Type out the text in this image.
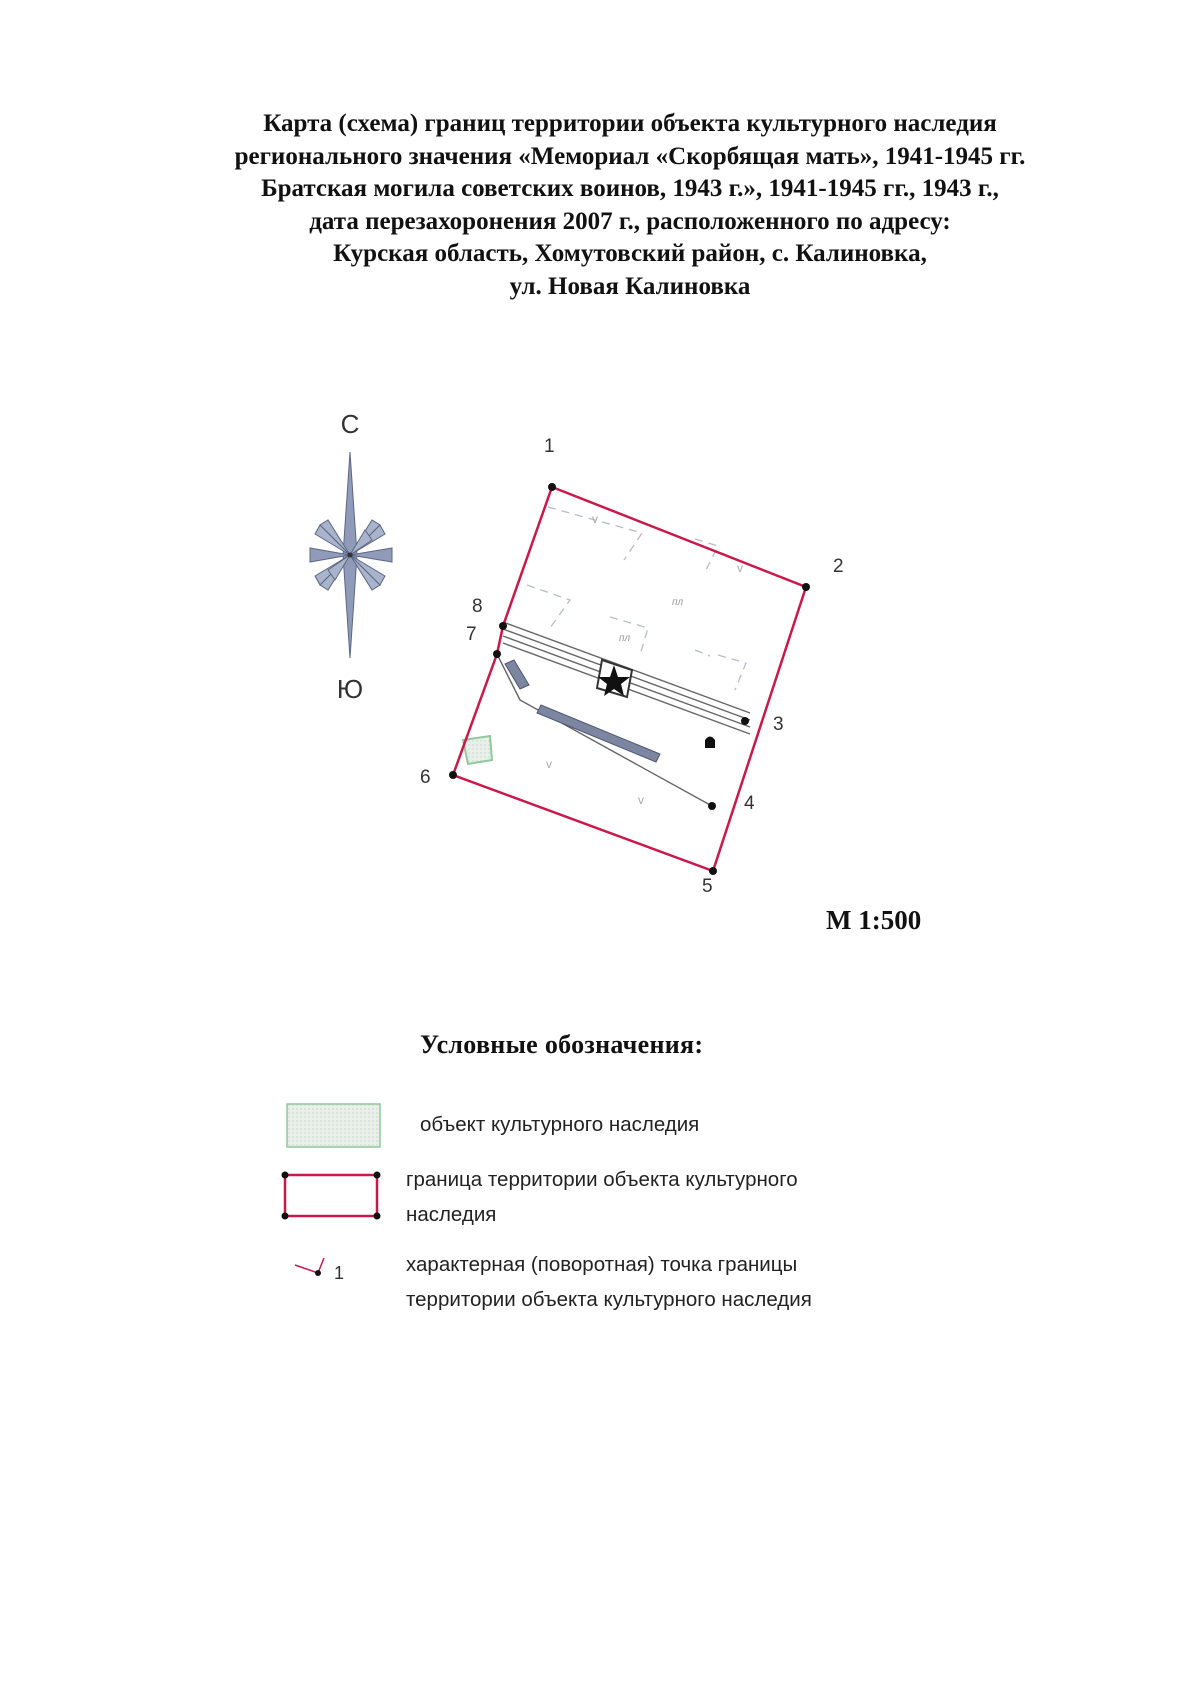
Карта (схема) границ территории объекта культурного наследия
регионального значения «Мемориал «Скорбящая мать», 1941-1945 гг.
Братская могила советских воинов, 1943 г.», 1941-1945 гг., 1943 г.,
дата перезахоронения 2007 г., расположенного по адресу:
Курская область, Хомутовский район, с. Калиновка,
ул. Новая Калиновка
С
Ю
пл
пл
v
v
v
v
1
2
3
4
5
6
7
8
1
М 1:500
Условные обозначения:
объект культурного наследия
граница территории объекта культурного
наследия
характерная (поворотная) точка границы
территории объекта культурного наследия
